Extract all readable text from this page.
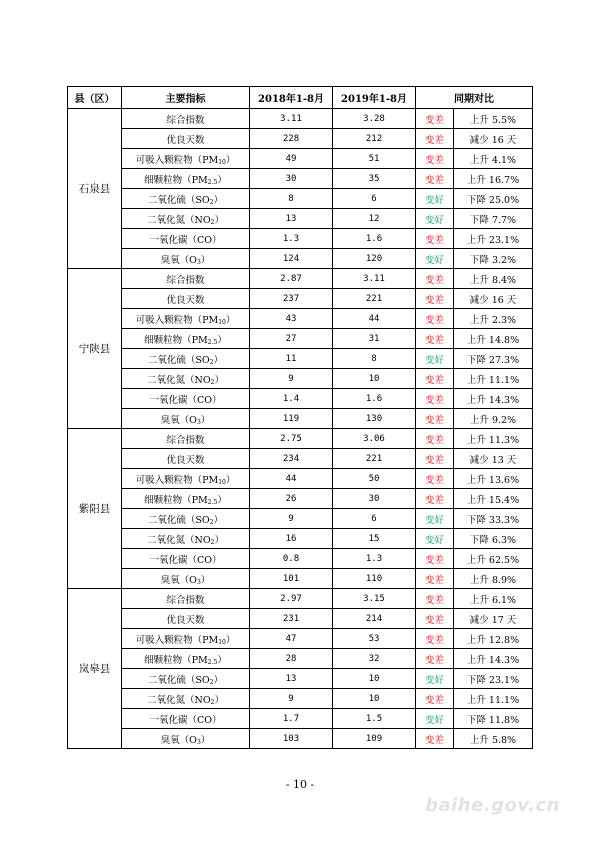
县（区）	主要指标	2018年1-8月	2019年1-8月	同期对比	
石泉县	综合指数	3.11	3.28	变差	上升 5.5%
	优良天数	228	212	变差	减少 16 天
	可吸入颗粒物（PM10）	49	51	变差	上升 4.1%
	细颗粒物（PM2.5）	30	35	变差	上升 16.7%
	二氧化硫（SO2）	8	6	变好	下降 25.0%
	二氧化氮（NO2）	13	12	变好	下降 7.7%
	一氧化碳（CO）	1.3	1.6	变差	上升 23.1%
	臭氧（O3）	124	120	变好	下降 3.2%
宁陕县	综合指数	2.87	3.11	变差	上升 8.4%
	优良天数	237	221	变差	减少 16 天
	可吸入颗粒物（PM10）	43	44	变差	上升 2.3%
	细颗粒物（PM2.5）	27	31	变差	上升 14.8%
	二氧化硫（SO2）	11	8	变好	下降 27.3%
	二氧化氮（NO2）	9	10	变差	上升 11.1%
	一氧化碳（CO）	1.4	1.6	变差	上升 14.3%
	臭氧（O3）	119	130	变差	上升 9.2%
紫阳县	综合指数	2.75	3.06	变差	上升 11.3%
	优良天数	234	221	变差	减少 13 天
	可吸入颗粒物（PM10）	44	50	变差	上升 13.6%
	细颗粒物（PM2.5）	26	30	变差	上升 15.4%
	二氧化硫（SO2）	9	6	变好	下降 33.3%
	二氧化氮（NO2）	16	15	变好	下降 6.3%
	一氧化碳（CO）	0.8	1.3	变差	上升 62.5%
	臭氧（O3）	101	110	变差	上升 8.9%
岚皋县	综合指数	2.97	3.15	变差	上升 6.1%
	优良天数	231	214	变差	减少 17 天
	可吸入颗粒物（PM10）	47	53	变差	上升 12.8%
	细颗粒物（PM2.5）	28	32	变差	上升 14.3%
	二氧化硫（SO2）	13	10	变好	下降 23.1%
	二氧化氮（NO2）	9	10	变差	上升 11.1%
	一氧化碳（CO）	1.7	1.5	变好	下降 11.8%
	臭氧（O3）	103	109	变差	上升 5.8%
- 10 -
baihe.gov.cn
